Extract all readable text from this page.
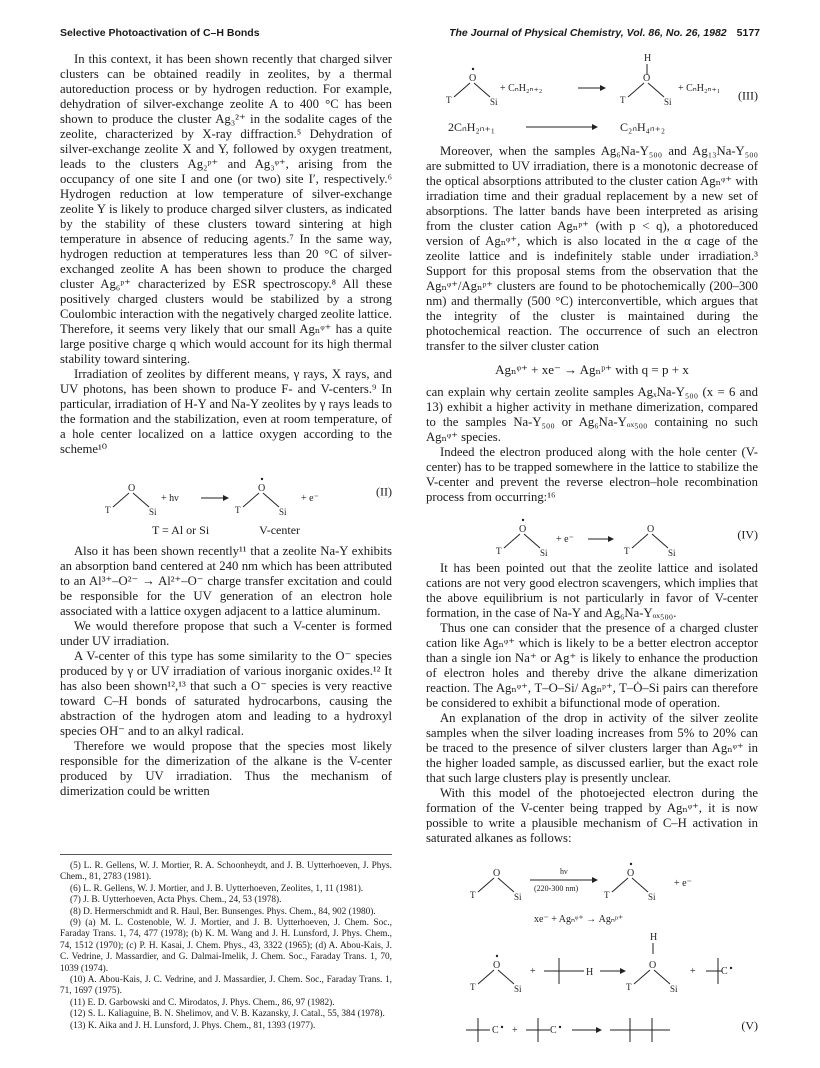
Selective Photoactivation of C–H Bonds	The Journal of Physical Chemistry, Vol. 86, No. 26, 1982 5177

In this context, it has been shown recently that charged silver clusters can be obtained readily in zeolites, by a thermal autoreduction process or by hydrogen reduction. For example, dehydration of silver-exchange zeolite A to 400 °C has been shown to produce the cluster Ag₃²⁺ in the sodalite cages of the zeolite, characterized by X-ray diffraction.⁵ Dehydration of silver-exchange zeolite X and Y, followed by oxygen treatment, leads to the clusters Ag₂ᵖ⁺ and Ag₃ᵠ⁺, arising from the occupancy of one site I and one (or two) site I′, respectively.⁶ Hydrogen reduction at low temperature of silver-exchange zeolite Y is likely to produce charged silver clusters, as indicated by the stability of these clusters toward sintering at high temperature in absence of reducing agents.⁷ In the same way, hydrogen reduction at temperatures less than 20 °C of silver-exchanged zeolite A has been shown to produce the charged cluster Ag₆ᵖ⁺ characterized by ESR spectroscopy.⁸ All these positively charged clusters would be stabilized by a strong Coulombic interaction with the negatively charged zeolite lattice. Therefore, it seems very likely that our small Agₙᵠ⁺ has a quite large positive charge q which would account for its high thermal stability toward sintering.

Irradiation of zeolites by different means, γ rays, X rays, and UV photons, has been shown to produce F- and V-centers.⁹ In particular, irradiation of H-Y and Na-Y zeolites by γ rays leads to the formation and the stabilization, even at room temperature, of a hole center localized on a lattice oxygen according to the scheme¹⁰

O
T	Si
+ hν
O
T	Si
+ e⁻	(II)
T = Al or Si	V-center

Also it has been shown recently¹¹ that a zeolite Na-Y exhibits an absorption band centered at 240 nm which has been attributed to an Al³⁺–O²⁻ → Al²⁺–O⁻ charge transfer excitation and could be responsible for the UV generation of an electron hole associated with a lattice oxygen adjacent to a lattice aluminum.

We would therefore propose that such a V-center is formed under UV irradiation.

A V-center of this type has some similarity to the O⁻ species produced by γ or UV irradiation of various inorganic oxides.¹² It has also been shown¹²,¹³ that such a O⁻ species is very reactive toward C–H bonds of saturated hydrocarbons, causing the abstraction of the hydrogen atom and leading to a hydroxyl species OH⁻ and to an alkyl radical.

Therefore we would propose that the species most likely responsible for the dimerization of the alkane is the V-center produced by UV irradiation. Thus the mechanism of dimerization could be written

(5) L. R. Gellens, W. J. Mortier, R. A. Schoonheydt, and J. B. Uytterhoeven, J. Phys. Chem., 81, 2783 (1981).

(6) L. R. Gellens, W. J. Mortier, and J. B. Uytterhoeven, Zeolites, 1, 11 (1981).

(7) J. B. Uytterhoeven, Acta Phys. Chem., 24, 53 (1978).

(8) D. Hermerschmidt and R. Haul, Ber. Bunsenges. Phys. Chem., 84, 902 (1980).

(9) (a) M. L. Costenoble, W. J. Mortier, and J. B. Uytterhoeven, J. Chem. Soc., Faraday Trans. 1, 74, 477 (1978); (b) K. M. Wang and J. H. Lunsford, J. Phys. Chem., 74, 1512 (1970); (c) P. H. Kasai, J. Chem. Phys., 43, 3322 (1965); (d) A. Abou-Kais, J. C. Vedrine, J. Massardier, and G. Dalmai-Imelik, J. Chem. Soc., Faraday Trans. 1, 70, 1039 (1974).

(10) A. Abou-Kais, J. C. Vedrine, and J. Massardier, J. Chem. Soc., Faraday Trans. 1, 71, 1697 (1975).

(11) E. D. Garbowski and C. Mirodatos, J. Phys. Chem., 86, 97 (1982).

(12) S. L. Kaliaguine, B. N. Shelimov, and V. B. Kazansky, J. Catal., 55, 384 (1978).

(13) K. Aika and J. H. Lunsford, J. Phys. Chem., 81, 1393 (1977).

O
T	Si
+ CₙH₂ₙ₊₂
H
O
T	Si
+ CₙH₂ₙ₊₁
2CₙH₂ₙ₊₁	C₂ₙH₄ₙ₊₂
(III)

Moreover, when the samples Ag₆Na-Y₅₀₀ and Ag₁₃Na-Y₅₀₀ are submitted to UV irradiation, there is a monotonic decrease of the optical absorptions attributed to the cluster cation Agₙᵠ⁺ with irradiation time and their gradual replacement by a new set of absorptions. The latter bands have been interpreted as arising from the cluster cation Agₙᵖ⁺ (with p < q), a photoreduced version of Agₙᵠ⁺, which is also located in the α cage of the zeolite lattice and is indefinitely stable under irradiation.³ Support for this proposal stems from the observation that the Agₙᵠ⁺/Agₙᵖ⁺ clusters are found to be photochemically (200–300 nm) and thermally (500 °C) interconvertible, which argues that the integrity of the cluster is maintained during the photochemical reaction. The occurrence of such an electron transfer to the silver cluster cation

Agₙᵠ⁺ + xe⁻ → Agₙᵖ⁺ with q = p + x

can explain why certain zeolite samples AgₓNa-Y₅₀₀ (x = 6 and 13) exhibit a higher activity in methane dimerization, compared to the samples Na-Y₅₀₀ or Ag₆Na-Yₒₓ₅₀₀ containing no such Agₙᵠ⁺ species.

Indeed the electron produced along with the hole center (V-center) has to be trapped somewhere in the lattice to stabilize the V-center and prevent the reverse electron–hole recombination process from occurring:¹⁶

O
T	Si
+ e⁻
O
T	Si
(IV)

It has been pointed out that the zeolite lattice and isolated cations are not very good electron scavengers, which implies that the above equilibrium is not particularly in favor of V-center formation, in the case of Na-Y and Ag₆Na-Yₒₓ₅₀₀.

Thus one can consider that the presence of a charged cluster cation like Agₙᵠ⁺ which is likely to be a better electron acceptor than a single ion Na⁺ or Ag⁺ is likely to enhance the production of electron holes and thereby drive the alkane dimerization reaction. The Agₙᵠ⁺, T–O–Si/ Agₙᵖ⁺, T–Ȯ–Si pairs can therefore be considered to exhibit a bifunctional mode of operation.

An explanation of the drop in activity of the silver zeolite samples when the silver loading increases from 5% to 20% can be traced to the presence of silver clusters larger than Agₙᵠ⁺ in the higher loaded sample, as discussed earlier, but the exact role that such large clusters play is presently unclear.

With this model of the photoejected electron during the formation of the V-center being trapped by Agₙᵠ⁺, it is now possible to write a plausible mechanism of C–H activation in saturated alkanes as follows:

O
T	Si
hν
(220-300 nm)
O
T	Si
+ e⁻
xe⁻ + Agₙᵠ⁺ → Agₙᵖ⁺
O
T	Si
+	H
H
O
T	Si
+	C
C +	C	(V)
